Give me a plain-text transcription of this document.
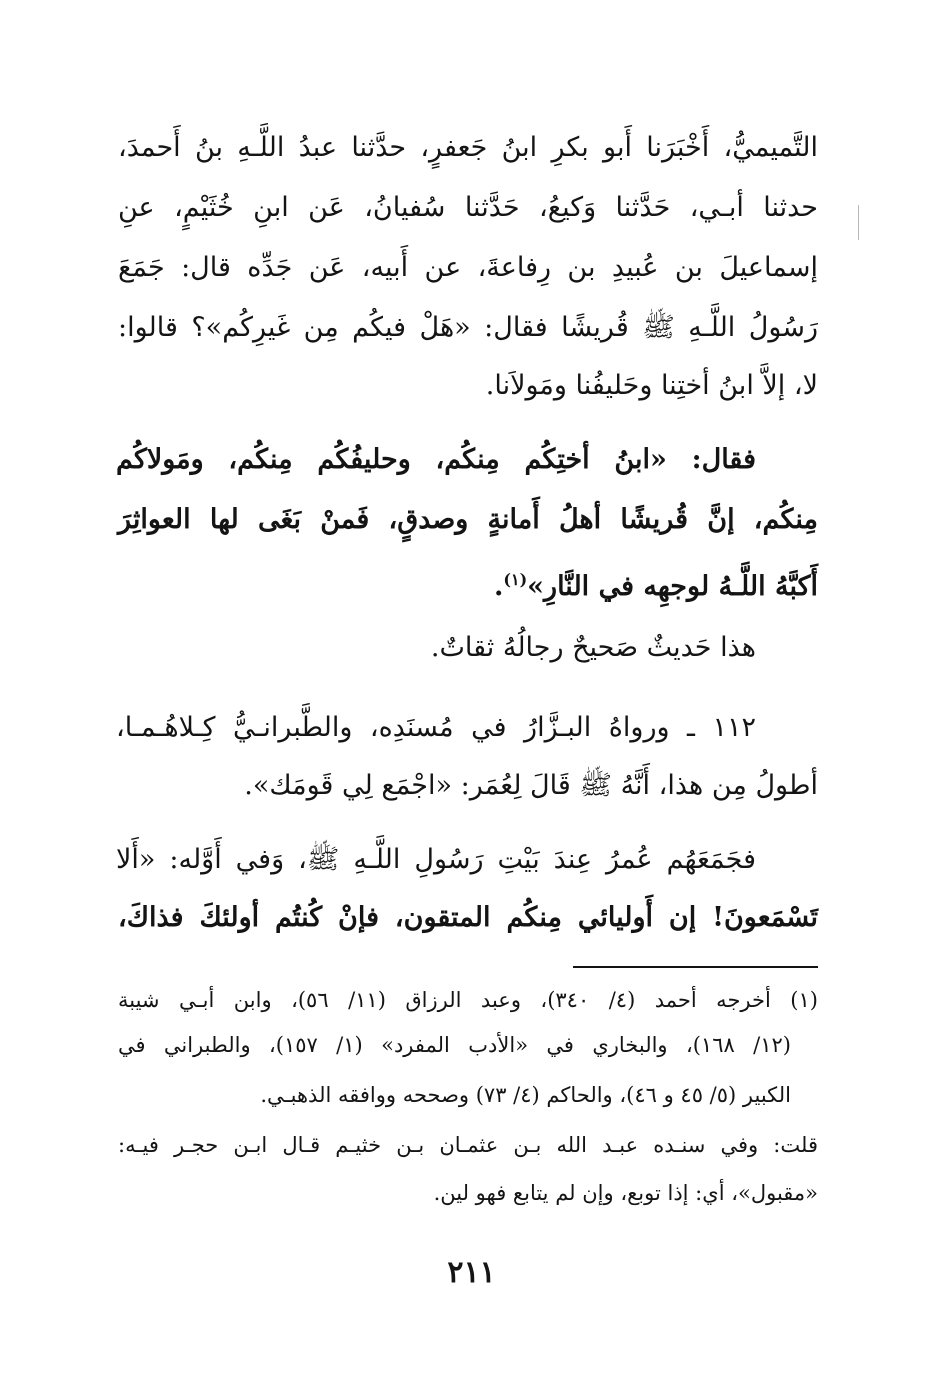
التَّميميُّ، أَخْبَرَنا أَبو بكرِ ابنُ جَعفرٍ، حدَّثنا عبدُ اللَّـهِ بنُ أَحمدَ،
حدثنا أبـي، حَدَّثنا وَكيعُ، حَدَّثنا سُفيانُ، عَن ابنِ خُثَيْمٍ، عنِ
إسماعيلَ بن عُبيدِ بن رِفاعةَ، عن أَبيه، عَن جَدِّه قال: جَمَعَ
رَسُولُ اللَّـهِ ﷺ قُريشًا فقال: «هَلْ فيكُم مِن غَيرِكُم»؟ قالوا:
لا، إلاَّ ابنُ أختِنا وحَليفُنا ومَولاَنا.
فقال: «ابنُ أختِكُم مِنكُم، وحليفُكُم مِنكُم، ومَولاكُم
مِنكُم، إنَّ قُريشًا أهلُ أَمانةٍ وصدقٍ، فَمنْ بَغَى لها العواثِرَ
أَكبَّهُ اللَّـهُ لوجهِه في النَّارِ»$^{(١)}$.
هذا حَديثٌ صَحيحٌ رجالُهُ ثقاتٌ.
١١٢ ـ ورواهُ البـزَّارُ في مُسنَدِه، والطَّبرانـيُّ كِـلاهُـمـا،
أطولُ مِن هذا، أَنَّهُ ﷺ قَالَ لِعُمَر: «اجْمَع لِي قَومَك».
فجَمَعَهُم عُمرُ عِندَ بَيْتِ رَسُولِ اللَّـهِ ﷺ، وَفي أَوَّله: «أَلا
تَسْمَعونَ! إن أَوليائي مِنكُم المتقون، فإنْ كُنتُم أولئكَ فذاكَ،
(١) أخرجه أحمد (٤/ ٣٤٠)، وعبد الرزاق (١١/ ٥٦)، وابن أبـي شيبة
(١٢/ ١٦٨)، والبخاري في «الأدب المفرد» (١/ ١٥٧)، والطبراني في
الكبير (٥/ ٤٥ و ٤٦)، والحاكم (٤/ ٧٣) وصححه ووافقه الذهبـي.
قلت: وفي سنـده عبـد الله بـن عثمـان بـن خثيـم قـال ابـن حجـر فيـه:
«مقبول»، أي: إذا توبع، وإن لم يتابع فهو لين.
٢١١
